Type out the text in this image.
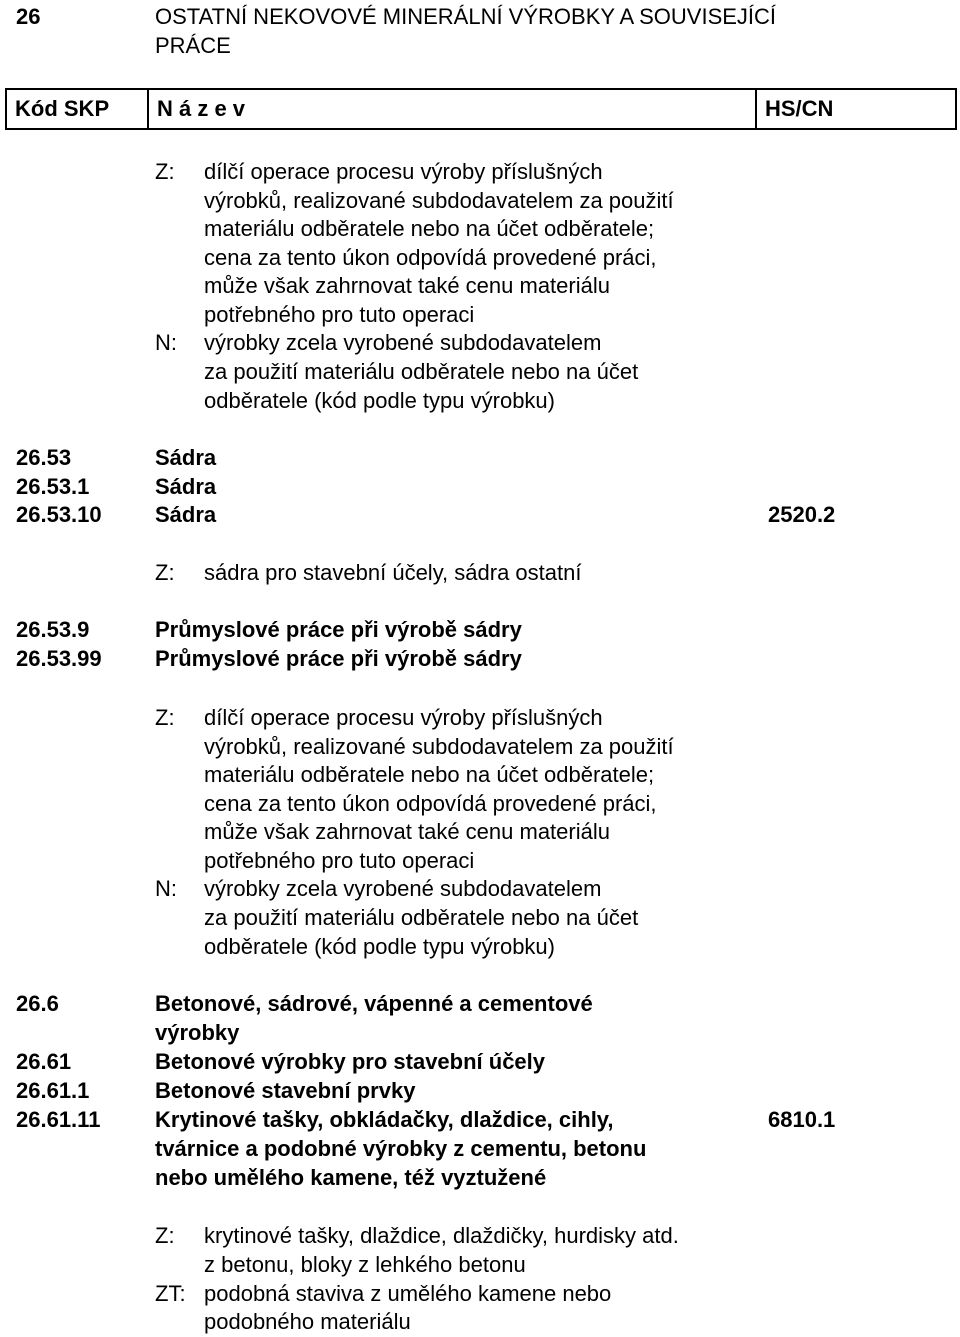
26	OSTATNÍ NEKOVOVÉ MINERÁLNÍ VÝROBKY A SOUVISEJÍCÍ
PRÁCE
Kód SKP	N á z e v	HS/CN
Z: dílčí operace procesu výroby příslušných
výrobků, realizované subdodavatelem za použití
materiálu odběratele nebo na účet odběratele;
cena za tento úkon odpovídá provedené práci,
může však zahrnovat také cenu materiálu
potřebného pro tuto operaci
N: výrobky zcela vyrobené subdodavatelem
za použití materiálu odběratele nebo na účet
odběratele (kód podle typu výrobku)
26.53	Sádra
26.53.1	Sádra
26.53.10 Sádra	2520.2
Z: sádra pro stavební účely, sádra ostatní
26.53.9	Průmyslové práce při výrobě sádry
26.53.99 Průmyslové práce při výrobě sádry
Z: dílčí operace procesu výroby příslušných
výrobků, realizované subdodavatelem za použití
materiálu odběratele nebo na účet odběratele;
cena za tento úkon odpovídá provedené práci,
může však zahrnovat také cenu materiálu
potřebného pro tuto operaci
N: výrobky zcela vyrobené subdodavatelem
za použití materiálu odběratele nebo na účet
odběratele (kód podle typu výrobku)
26.6	Betonové, sádrové, vápenné a cementové
výrobky
26.61	Betonové výrobky pro stavební účely
26.61.1	Betonové stavební prvky
26.61.11 Krytinové tašky, obkládačky, dlaždice, cihly,	6810.1
tvárnice a podobné výrobky z cementu, betonu
nebo umělého kamene, též vyztužené
Z: krytinové tašky, dlaždice, dlaždičky, hurdisky atd.
z betonu, bloky z lehkého betonu
ZT: podobná staviva z umělého kamene nebo
podobného materiálu
